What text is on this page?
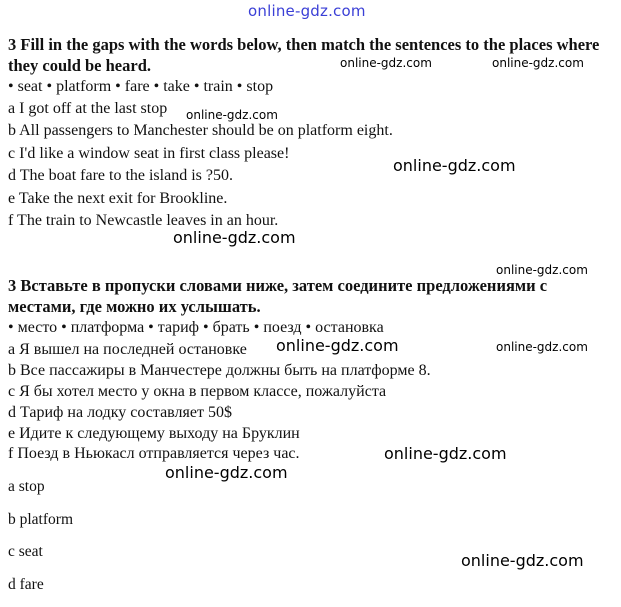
online-gdz.com
online-gdz.com	online-gdz.com
online-gdz.com
online-gdz.com
online-gdz.com
online-gdz.com
online-gdz.com	online-gdz.com
online-gdz.com
online-gdz.com
online-gdz.com
3 Fill in the gaps with the words below, then match the sentences to the places where they could be heard.
• seat • platform • fare • take • train • stop
a I got off at the last stop
b All passengers to Manchester should be on platform eight.
c I'd like a window seat in first class please!
d The boat fare to the island is ?50.
e Take the next exit for Brookline.
f The train to Newcastle leaves in an hour.
3 Вставьте в пропуски словами ниже, затем соедините предложениями с местами, где можно их услышать.
• место • платформа • тариф • брать • поезд • остановка
a Я вышел на последней остановке
b Все пассажиры в Манчестере должны быть на платформе 8.
c Я бы хотел место у окна в первом классе, пожалуйста
d Тариф на лодку составляет 50$
e Идите к следующему выходу на Бруклин
f Поезд в Ньюкасл отправляется через час.
a stop
b platform
c seat
d fare
